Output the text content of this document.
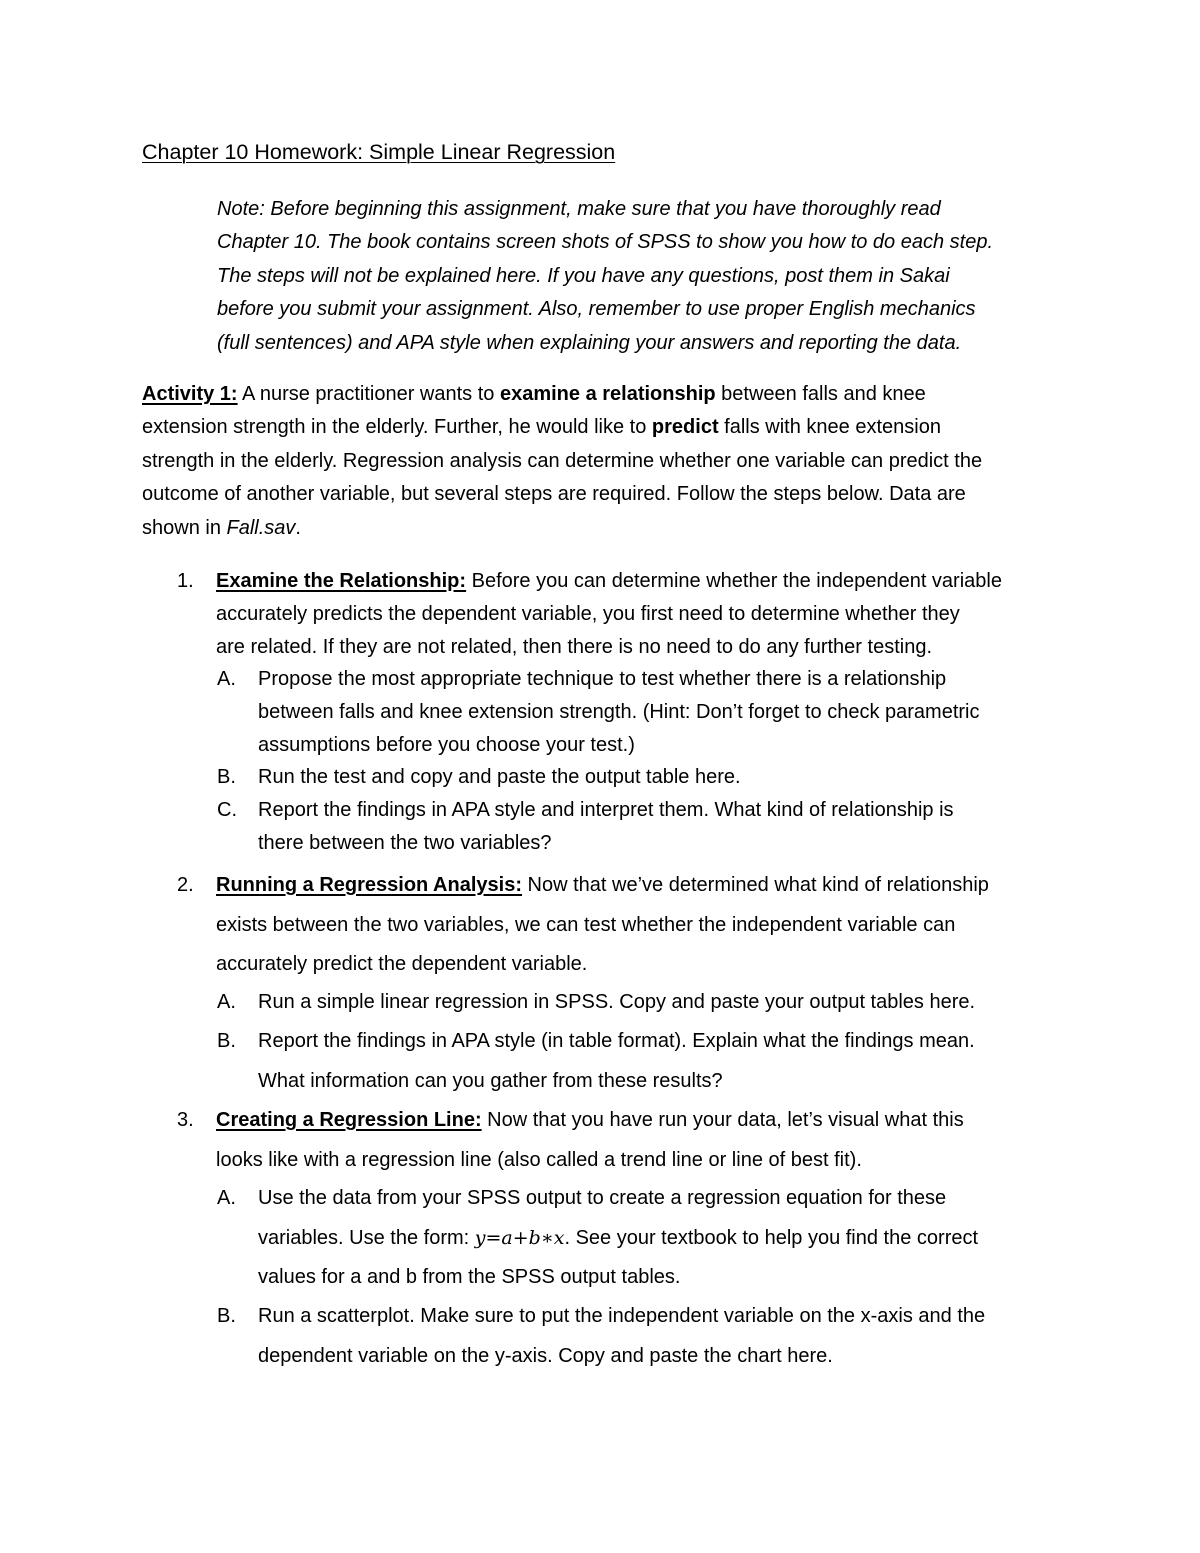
Chapter 10 Homework: Simple Linear Regression
Note: Before beginning this assignment, make sure that you have thoroughly read
Chapter 10. The book contains screen shots of SPSS to show you how to do each step.
The steps will not be explained here. If you have any questions, post them in Sakai
before you submit your assignment. Also, remember to use proper English mechanics
(full sentences) and APA style when explaining your answers and reporting the data.
Activity 1: A nurse practitioner wants to examine a relationship between falls and knee
extension strength in the elderly. Further, he would like to predict falls with knee extension
strength in the elderly. Regression analysis can determine whether one variable can predict the
outcome of another variable, but several steps are required. Follow the steps below. Data are
shown in Fall.sav.
1. Examine the Relationship: Before you can determine whether the independent variable
accurately predicts the dependent variable, you first need to determine whether they
are related. If they are not related, then there is no need to do any further testing.
A. Propose the most appropriate technique to test whether there is a relationship
between falls and knee extension strength. (Hint: Don’t forget to check parametric
assumptions before you choose your test.)
B. Run the test and copy and paste the output table here.
C. Report the findings in APA style and interpret them. What kind of relationship is
there between the two variables?
2. Running a Regression Analysis: Now that we’ve determined what kind of relationship
exists between the two variables, we can test whether the independent variable can
accurately predict the dependent variable.
A. Run a simple linear regression in SPSS. Copy and paste your output tables here.
B. Report the findings in APA style (in table format). Explain what the findings mean.
What information can you gather from these results?
3. Creating a Regression Line: Now that you have run your data, let’s visual what this
looks like with a regression line (also called a trend line or line of best fit).
A. Use the data from your SPSS output to create a regression equation for these
variables. Use the form: y=a+b∗x. See your textbook to help you find the correct
values for a and b from the SPSS output tables.
B. Run a scatterplot. Make sure to put the independent variable on the x-axis and the
dependent variable on the y-axis. Copy and paste the chart here.
